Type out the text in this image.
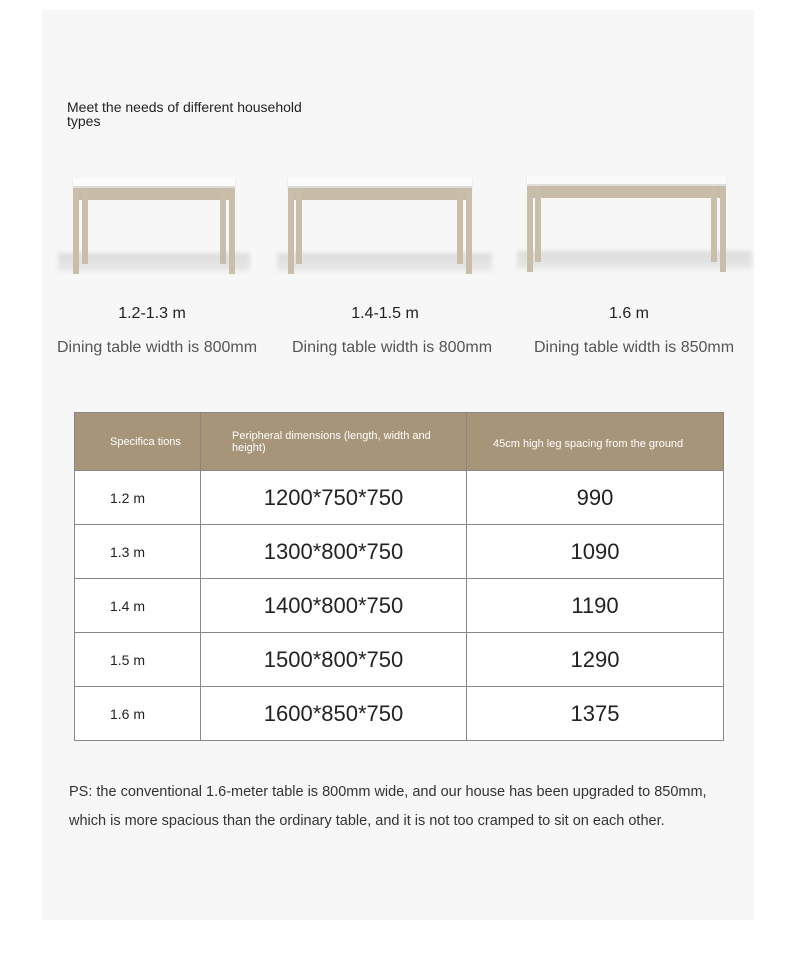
Meet the needs of different household types
1.2-1.3 m	1.4-1.5 m	1.6 m
Dining table width is 800mm	Dining table width is 800mm	Dining table width is 850mm
Specifica tions	Peripheral dimensions (length, width and height)	45cm high leg spacing from the ground
1.2 m	1200*750*750	990
1.3 m	1300*800*750	1090
1.4 m	1400*800*750	1190
1.5 m	1500*800*750	1290
1.6 m	1600*850*750	1375
PS: the conventional 1.6-meter table is 800mm wide, and our house has been upgraded to 850mm, which is more spacious than the ordinary table, and it is not too cramped to sit on each other.
